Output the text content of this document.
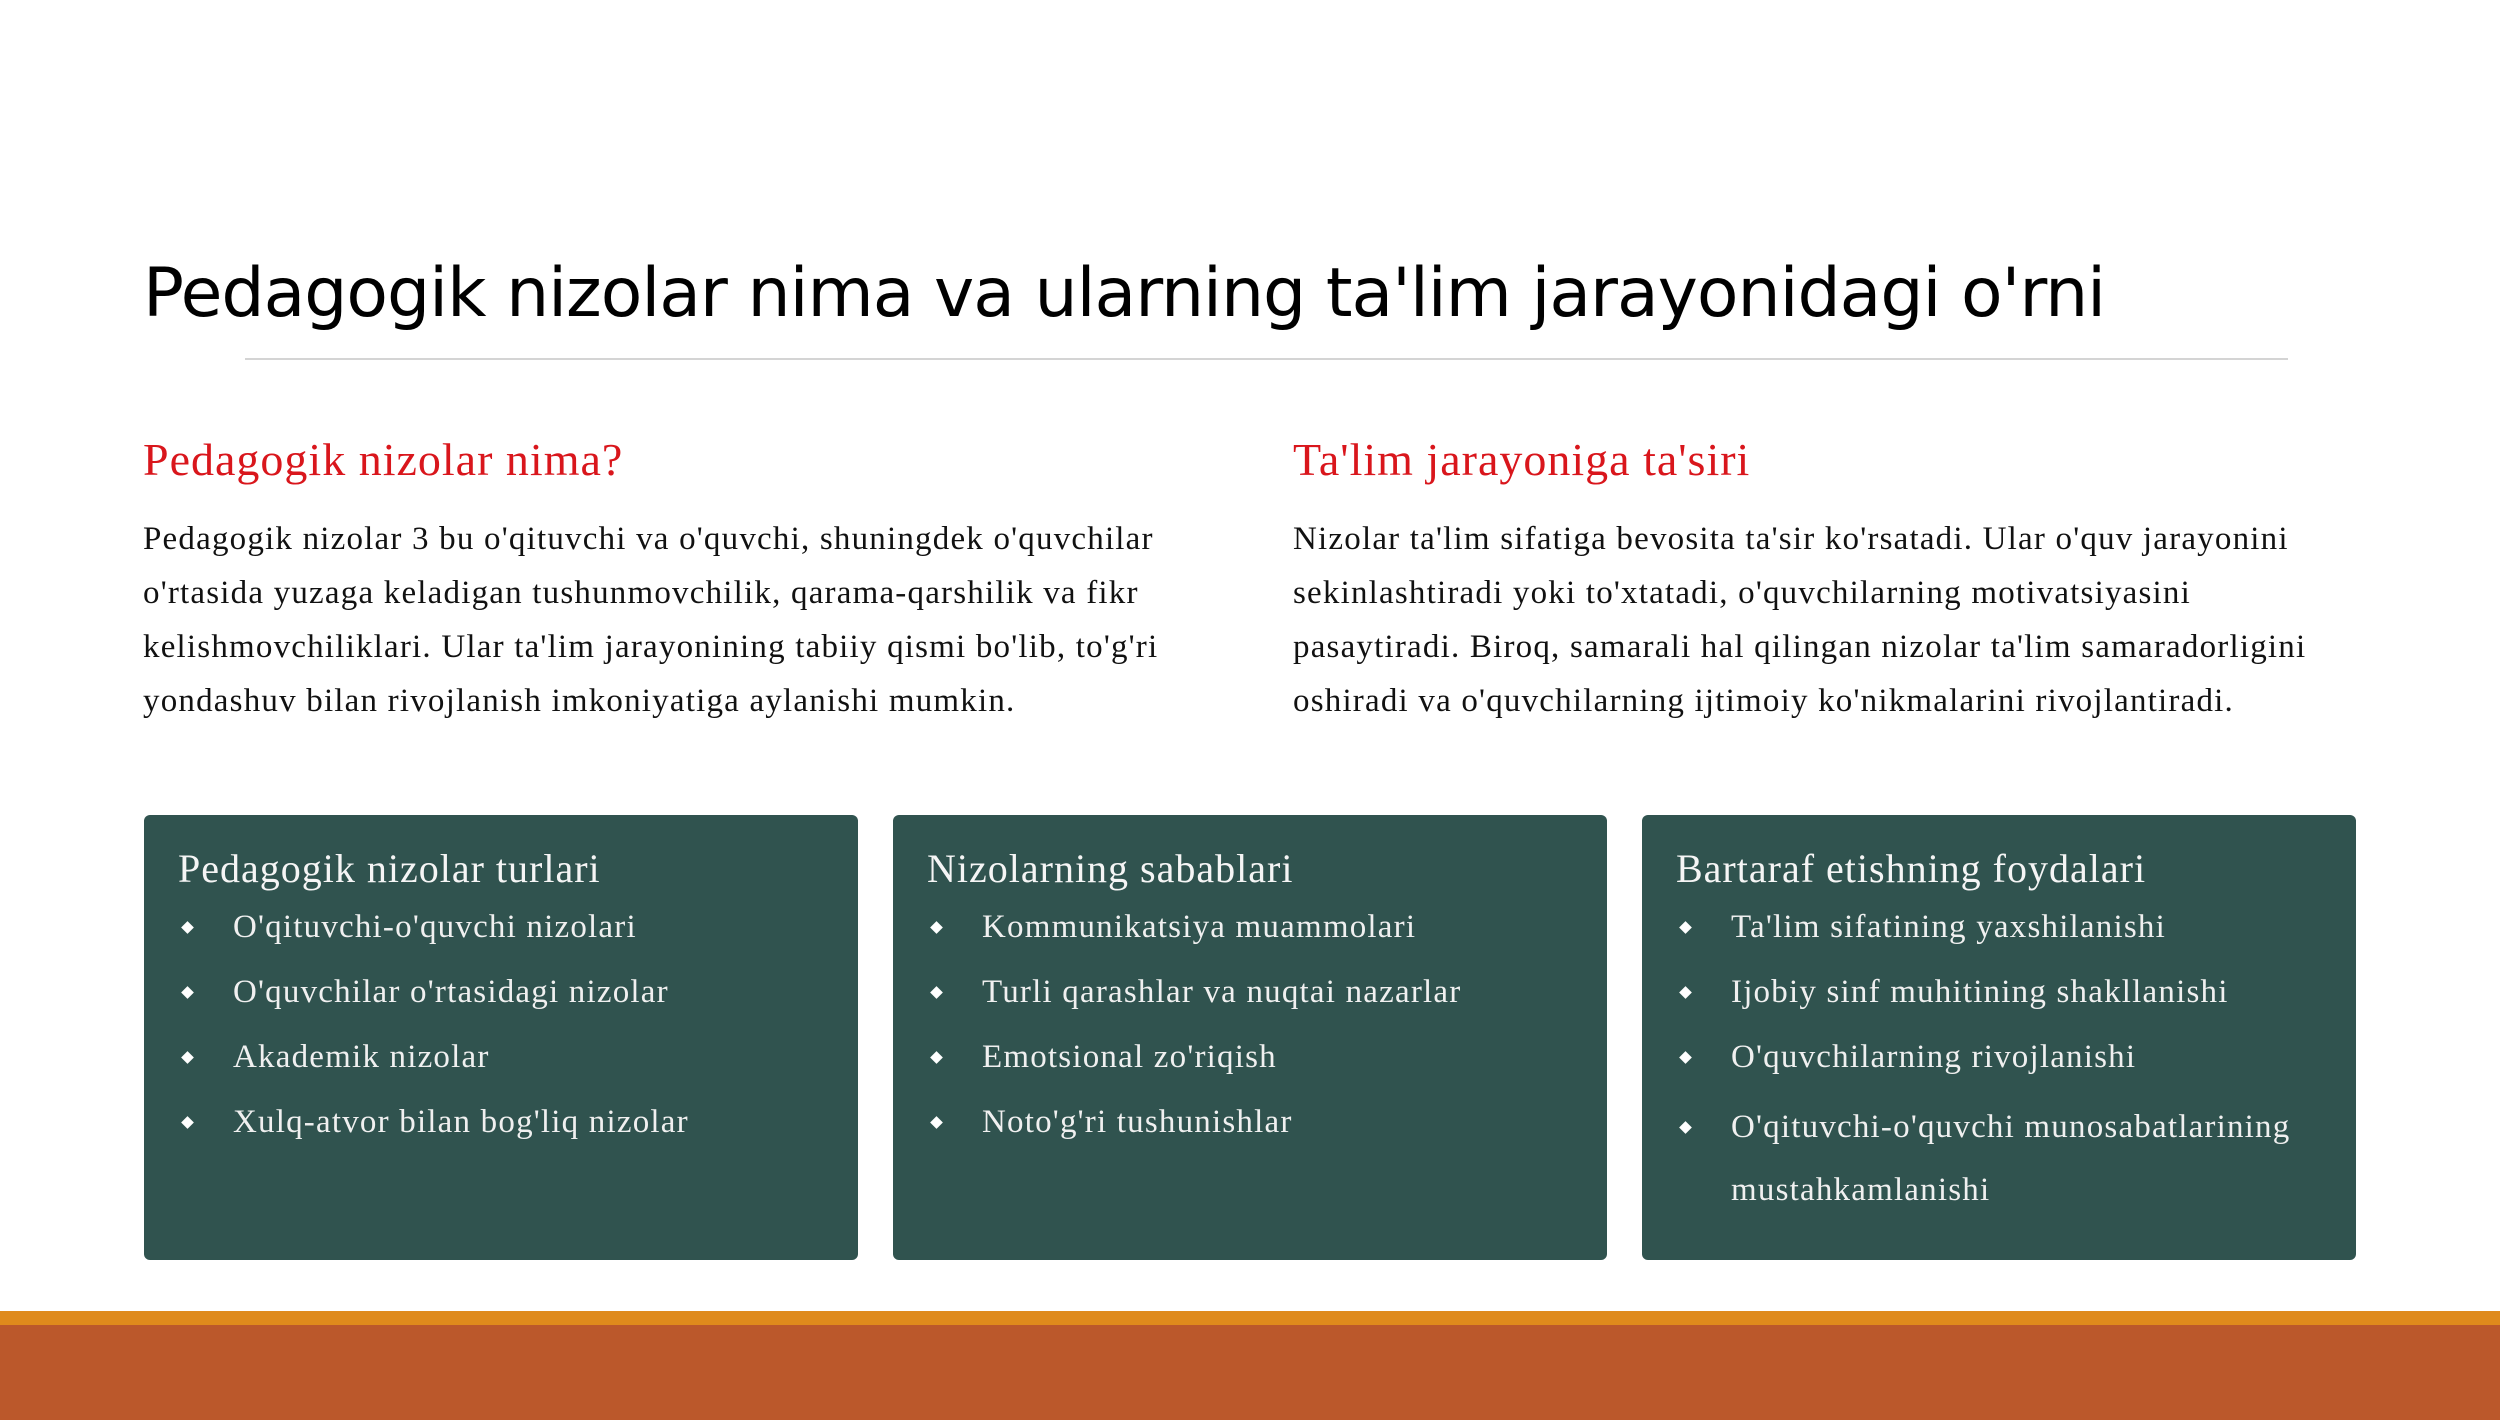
Pedagogik nizolar nima va ularning ta'lim jarayonidagi o'rni
Pedagogik nizolar nima?

Pedagogik nizolar 3 bu o'qituvchi va o'quvchi, shuningdek o'quvchilar o'rtasida yuzaga keladigan tushunmovchilik, qarama-qarshilik va fikr kelishmovchiliklari. Ular ta'lim jarayonining tabiiy qismi bo'lib, to'g'ri yondashuv bilan rivojlanish imkoniyatiga aylanishi mumkin.

Ta'lim jarayoniga ta'siri

Nizolar ta'lim sifatiga bevosita ta'sir ko'rsatadi. Ular o'quv jarayonini sekinlashtiradi yoki to'xtatadi, o'quvchilarning motivatsiyasini pasaytiradi. Biroq, samarali hal qilingan nizolar ta'lim samaradorligini oshiradi va o'quvchilarning ijtimoiy ko'nikmalarini rivojlantiradi.

Pedagogik nizolar turlari
O'qituvchi-o'quvchi nizolari
O'quvchilar o'rtasidagi nizolar
Akademik nizolar
Xulq-atvor bilan bog'liq nizolar
Nizolarning sabablari
Kommunikatsiya muammolari
Turli qarashlar va nuqtai nazarlar
Emotsional zo'riqish
Noto'g'ri tushunishlar
Bartaraf etishning foydalari
Ta'lim sifatining yaxshilanishi
Ijobiy sinf muhitining shakllanishi
O'quvchilarning rivojlanishi
O'qituvchi-o'quvchi munosabatlarining mustahkamlanishi
